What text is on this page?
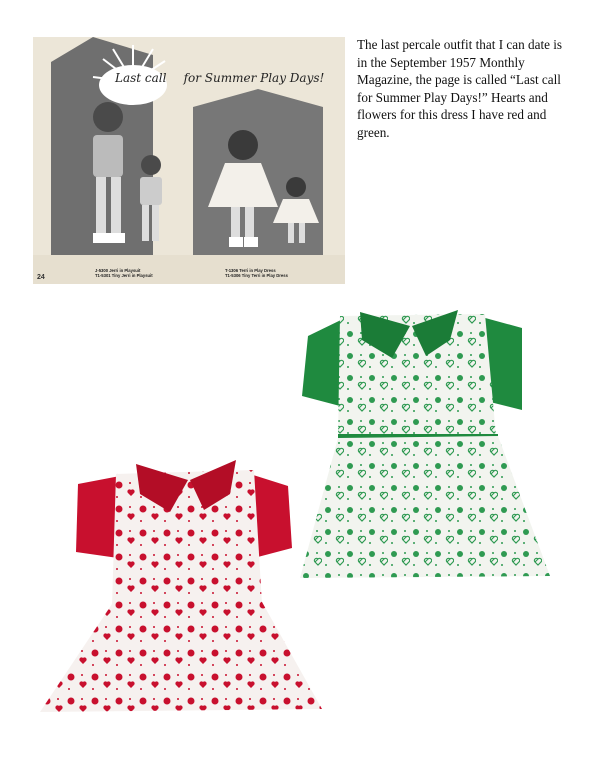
Last call for Summer Play Days!
24
J-5300 Jerri in Playsuit
T1-5301 Tiny Jerri in Playsuit
T-1306 Terri in Play Dress
T1-5306 Tiny Terri in Play Dress

The last percale outfit that I can date is in the September 1957 Monthly Magazine, the page is called “Last call for Summer Play Days!” Hearts and flowers for this dress I have red and green.
